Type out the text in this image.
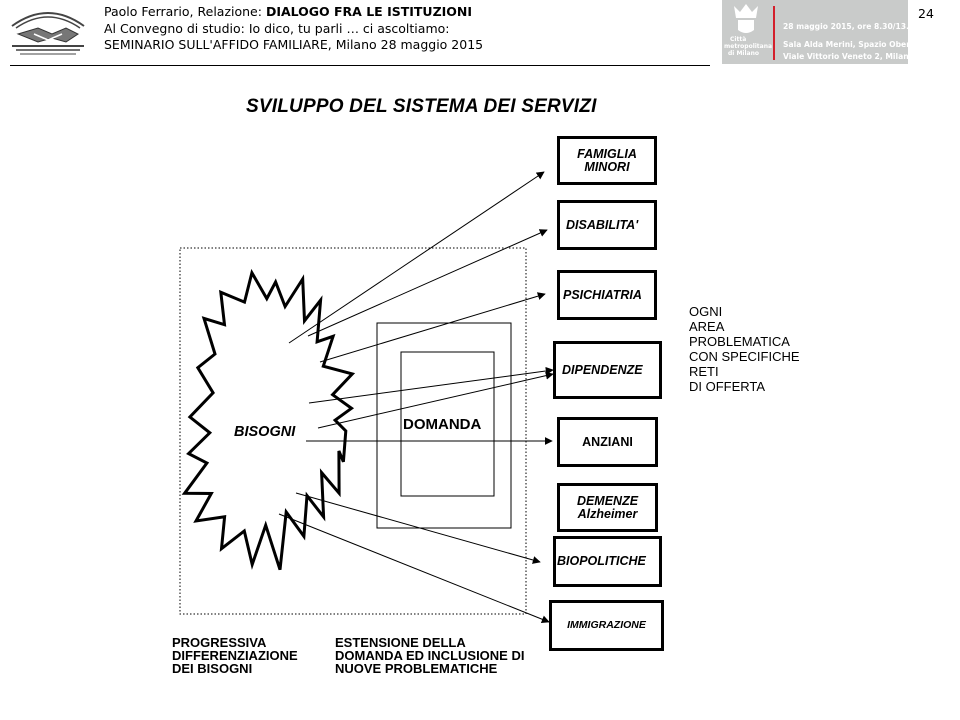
Paolo Ferrario, Relazione: DIALOGO FRA LE ISTITUZIONI
Al Convegno di studio: Io dico, tu parli … ci ascoltiamo:
SEMINARIO SULL'AFFIDO FAMILIARE, Milano 28 maggio 2015	Città
metropolitana
di Milano
28 maggio 2015, ore 8.30/13.00
Sala Alda Merini, Spazio Oberdan
Viale Vittorio Veneto 2, Milano
24
SVILUPPO DEL SISTEMA DEI SERVIZI
FAMIGLIA
MINORI
DISABILITA'
PSICHIATRIA
DIPENDENZE
ANZIANI
DEMENZE
Alzheimer
BIOPOLITICHE
IMMIGRAZIONE
BISOGNI	DOMANDA
OGNI
AREA
PROBLEMATICA
CON SPECIFICHE
RETI
DI OFFERTA
PROGRESSIVA
DIFFERENZIAZIONE
DEI BISOGNI
ESTENSIONE DELLA
DOMANDA ED INCLUSIONE DI
NUOVE PROBLEMATICHE
